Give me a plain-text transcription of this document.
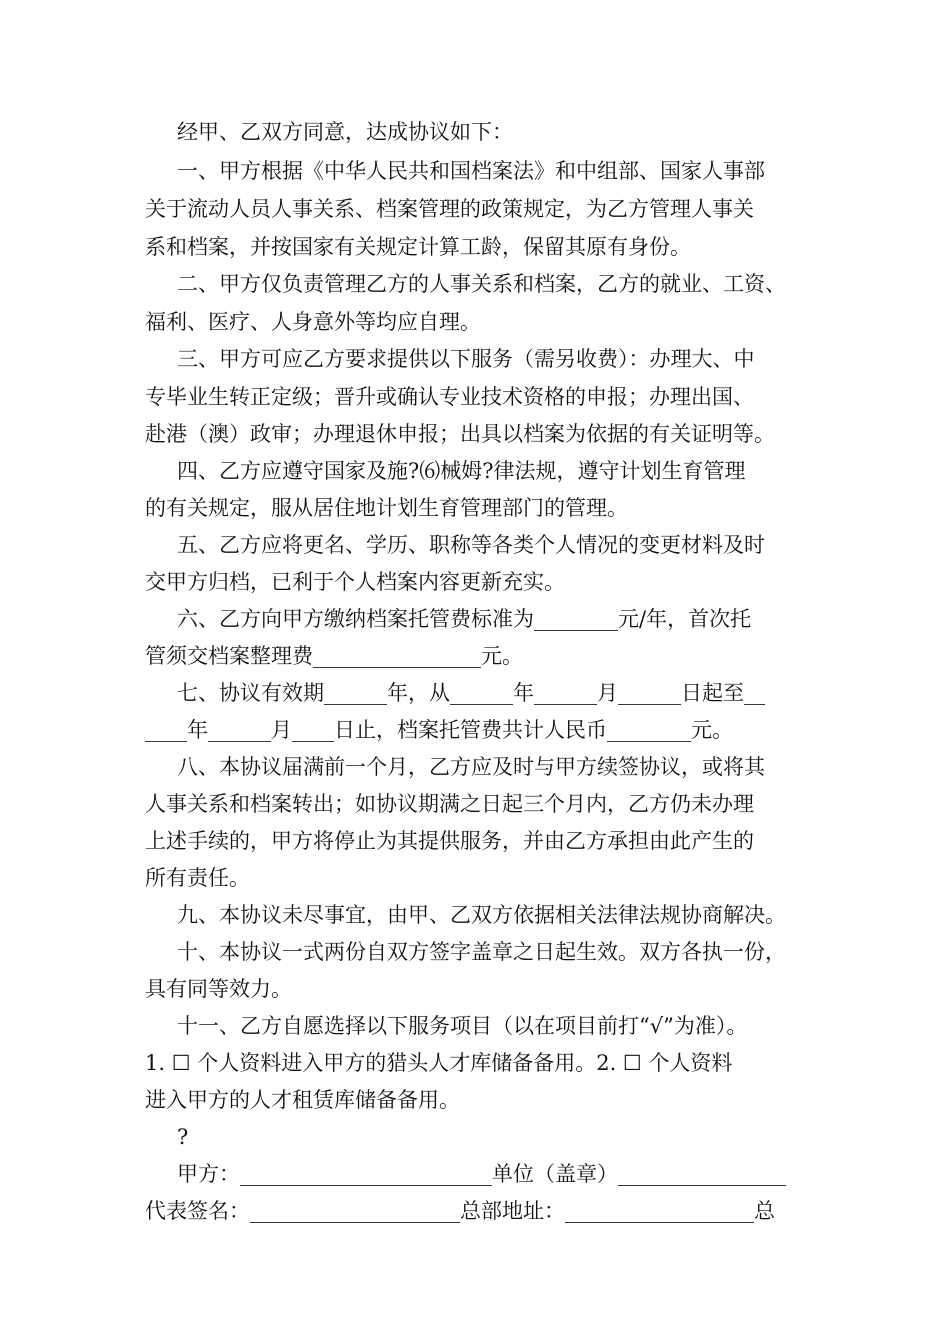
经甲、乙双方同意，达成协议如下：
一、甲方根据《中华人民共和国档案法》和中组部、国家人事部
关于流动人员人事关系、档案管理的政策规定，为乙方管理人事关
系和档案，并按国家有关规定计算工龄，保留其原有身份。
二、甲方仅负责管理乙方的人事关系和档案，乙方的就业、工资、
福利、医疗、人身意外等均应自理。
三、甲方可应乙方要求提供以下服务（需另收费）：办理大、中
专毕业生转正定级；晋升或确认专业技术资格的申报；办理出国、
赴港（澳）政审；办理退休申报；出具以档案为依据的有关证明等。
四、乙方应遵守国家及施?⑹械姆?律法规，遵守计划生育管理
的有关规定，服从居住地计划生育管理部门的管理。
五、乙方应将更名、学历、职称等各类个人情况的变更材料及时
交甲方归档，已利于个人档案内容更新充实。
六、乙方向甲方缴纳档案托管费标准为________元/年，首次托
管须交档案整理费________________元。
七、协议有效期______年，从______年______月______日起至__
____年______月____日止，档案托管费共计人民币________元。
八、本协议届满前一个月，乙方应及时与甲方续签协议，或将其
人事关系和档案转出；如协议期满之日起三个月内，乙方仍未办理
上述手续的，甲方将停止为其提供服务，并由乙方承担由此产生的
所有责任。
九、本协议未尽事宜，由甲、乙双方依据相关法律法规协商解决。
十、本协议一式两份自双方签字盖章之日起生效。双方各执一份，
具有同等效力。
十一、乙方自愿选择以下服务项目（以在项目前打“√”为准）。
1. ☐ 个人资料进入甲方的猎头人才库储备备用。2. ☐ 个人资料
进入甲方的人才租赁库储备备用。
?
甲方：________________________单位（盖章）________________
代表签名：____________________总部地址：__________________总
